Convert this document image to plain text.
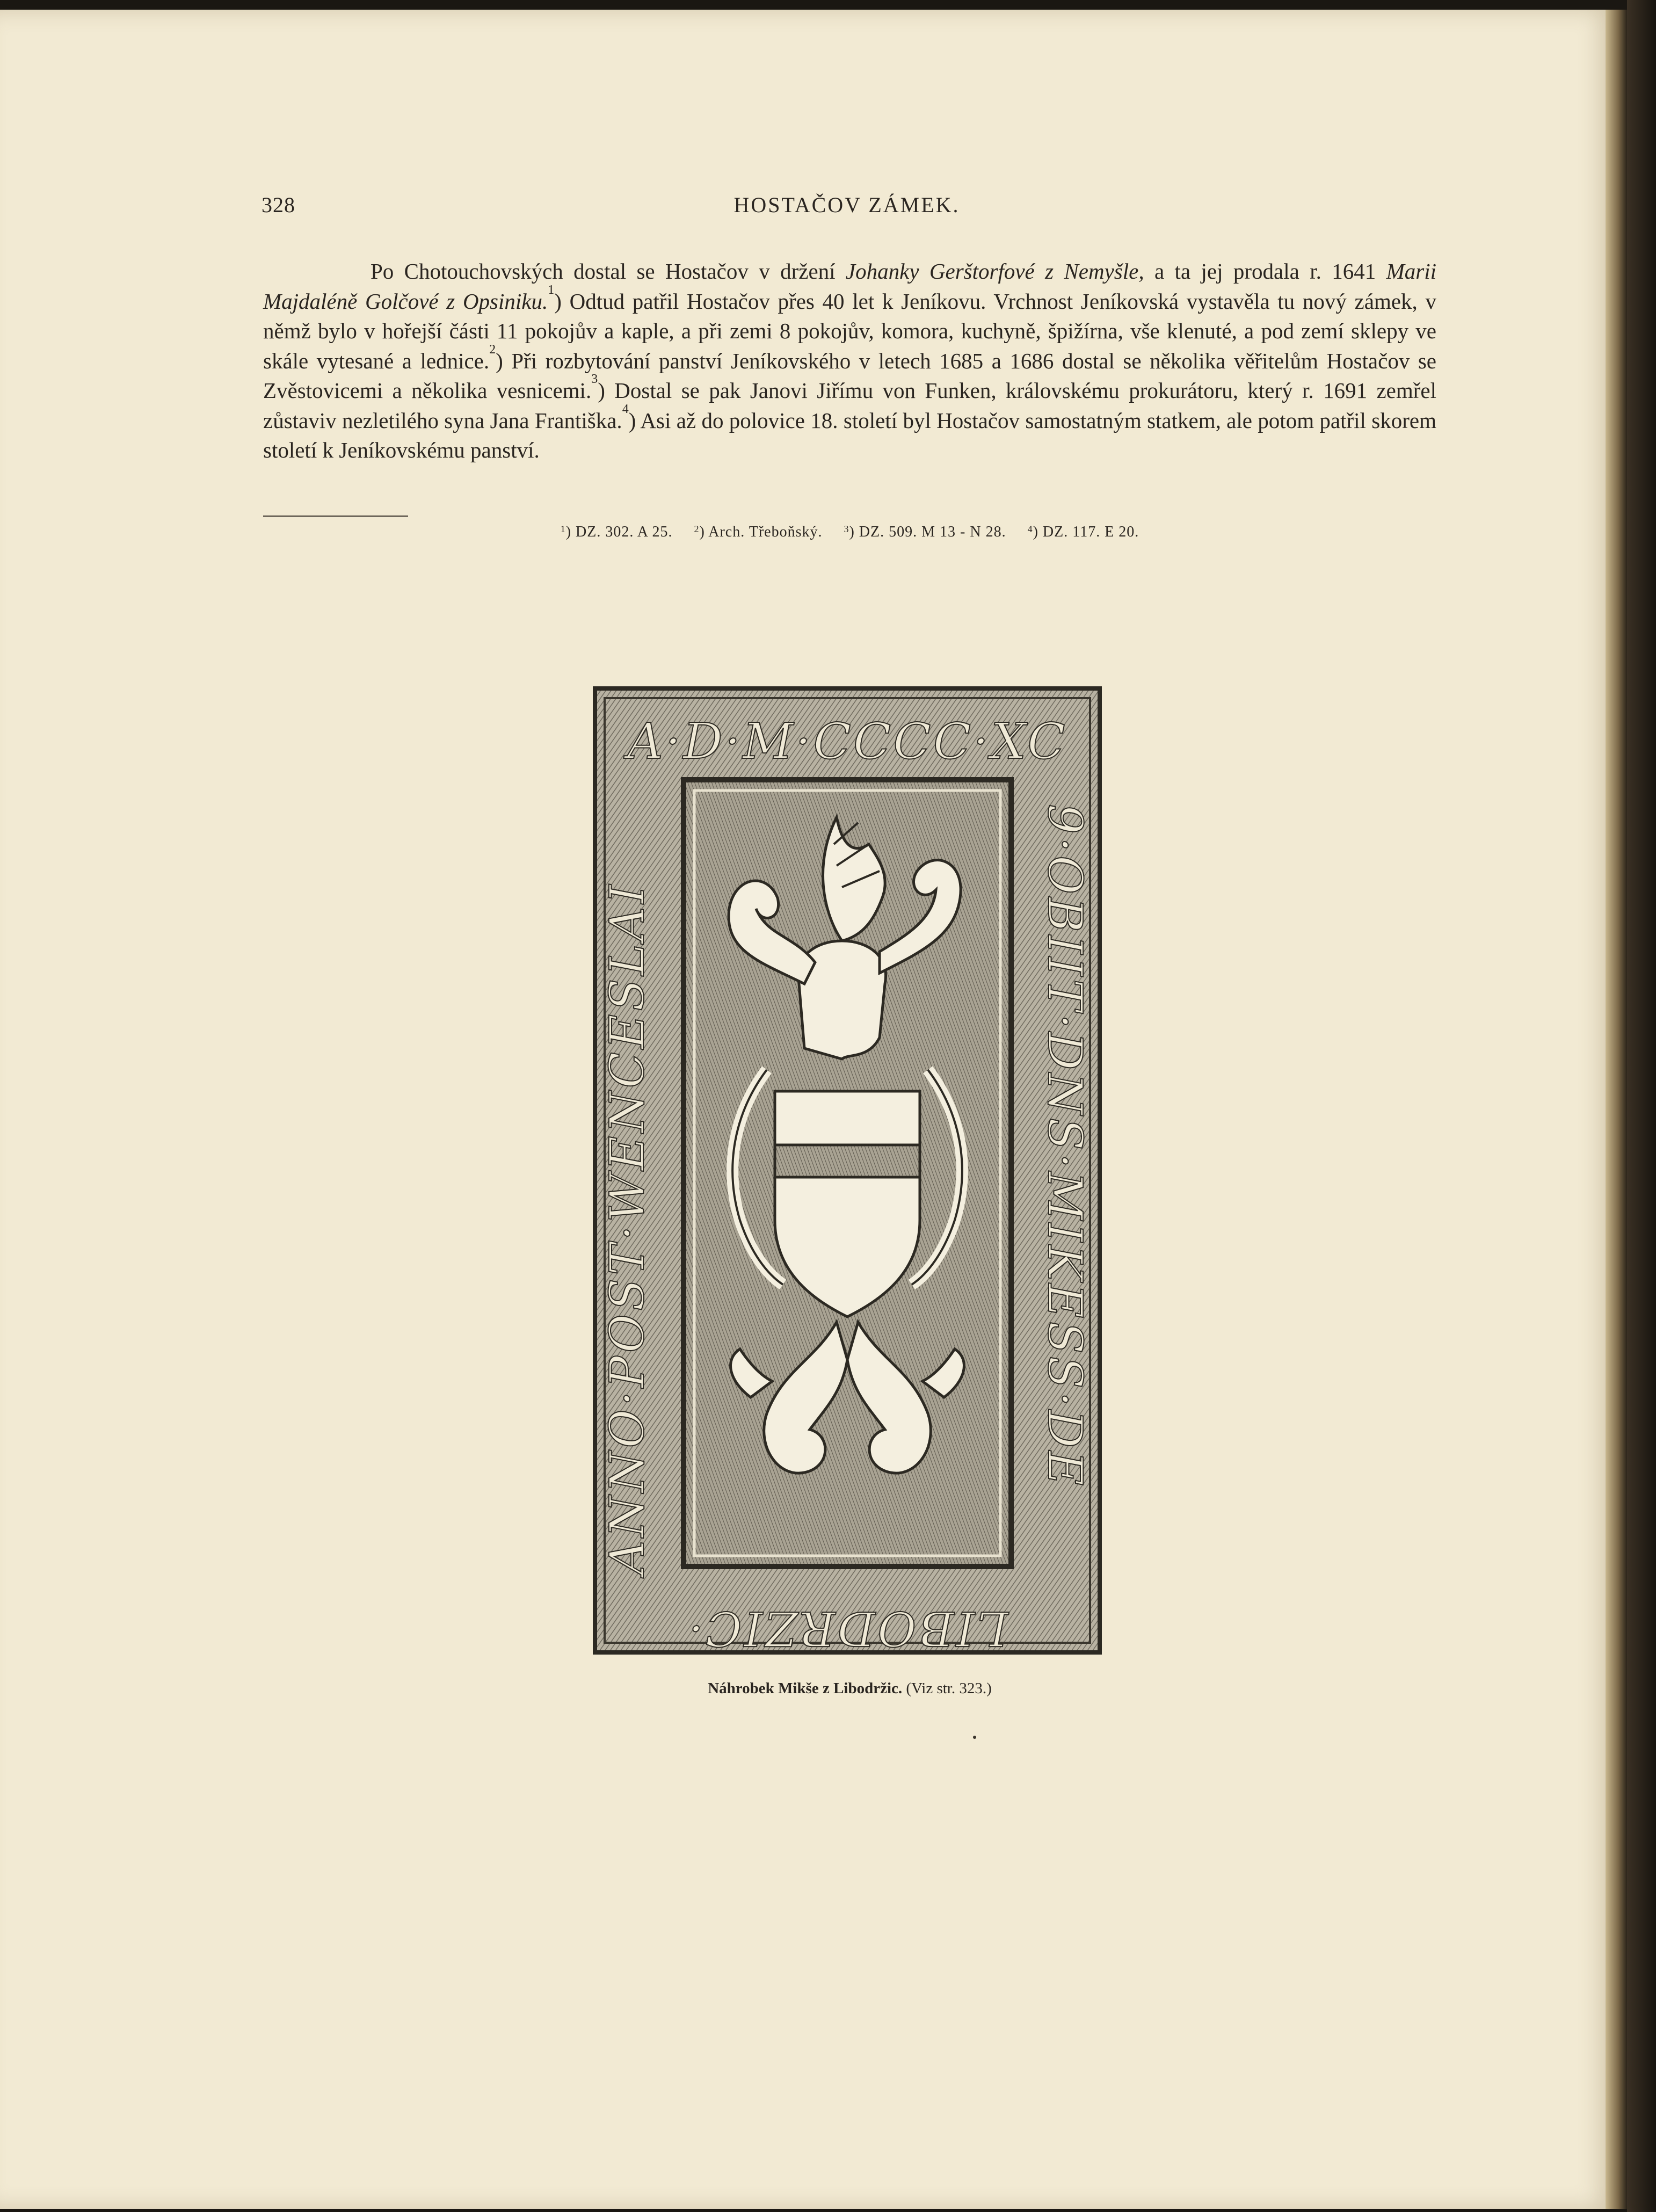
328	HOSTAČOV ZÁMEK.

Po Chotouchovských dostal se Hostačov v držení Johanky Gerštorfové z Nemyšle, a ta jej prodala r. 1641 Marii Majdaléně Golčové z Opsiniku.$^1$) Odtud patřil Hostačov přes 40 let k Jeníkovu. Vrchnost Jeníkovská vystavěla tu nový zámek, v němž bylo v hořejší části 11 pokojův a kaple, a při zemi 8 pokojův, komora, kuchyně, špižírna, vše klenuté, a pod zemí sklepy ve skále vytesané a lednice.$^2$) Při rozbytování panství Jeníkovského v letech 1685 a 1686 dostal se několika věřitelům Hostačov se Zvěstovicemi a několika vesnicemi.$^3$) Dostal se pak Janovi Jiřímu von Funken, královskému prokurátoru, který r. 1691 zemřel zůstaviv nezletilého syna Jana Františka.$^4$) Asi až do polovice 18. století byl Hostačov samostatným statkem, ale potom patřil skorem století k Jeníkovskému panství.

$^1$) DZ. 302. A 25. $^2$) Arch. Třeboňský. $^3$) DZ. 509. M 13 - N 28. $^4$) DZ. 117. E 20.
A·D·M·CCCC·XC
9·OBIIT·DNS·MIKESS·DE
LIBODRZIC·
ANNO·POST·WENCESLAI
Náhrobek Mikše z Libodržic. (Viz str. 323.)
